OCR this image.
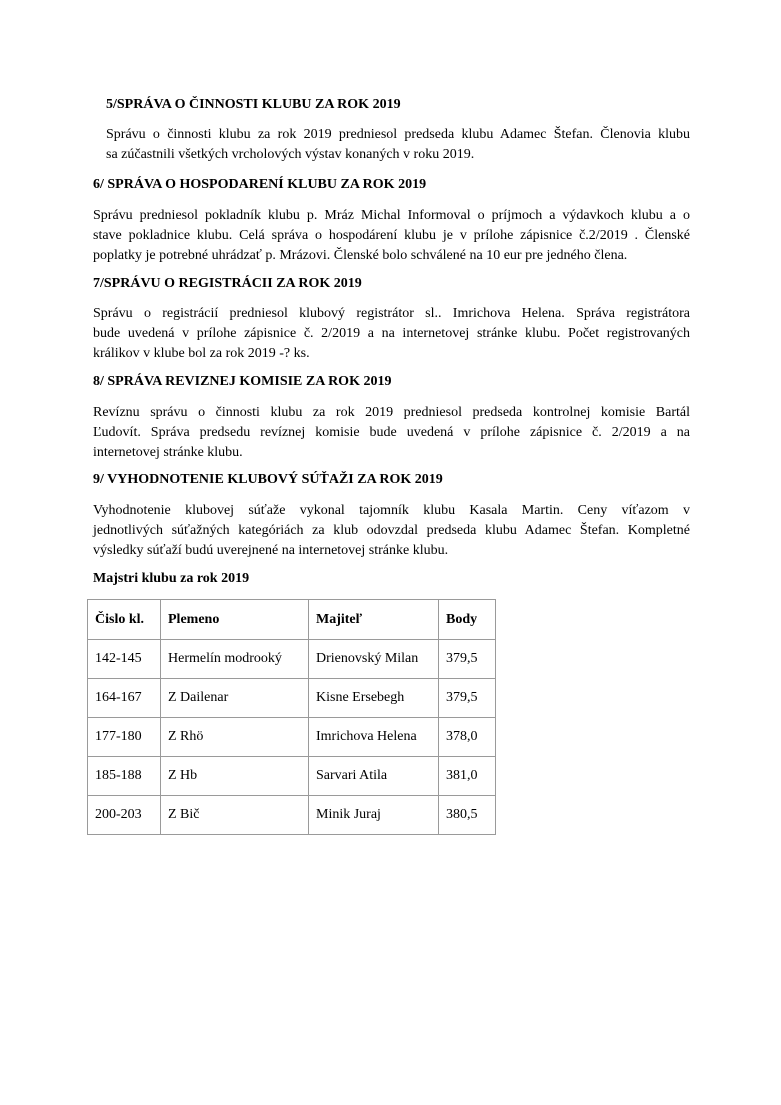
5/SPRÁVA O ČINNOSTI KLUBU ZA ROK 2019
Správu o činnosti klubu za rok 2019 predniesol predseda klubu Adamec Štefan. Členovia klubu
sa zúčastnili všetkých vrcholových výstav konaných v roku 2019.
6/ SPRÁVA O HOSPODARENÍ KLUBU ZA ROK 2019
Správu predniesol pokladník klubu p. Mráz Michal Informoval o príjmoch a výdavkoch klubu a o
stave pokladnice klubu. Celá správa o hospodárení klubu je v prílohe zápisnice č.2/2019 . Členské
poplatky je potrebné uhrádzať p. Mrázovi. Členské bolo schválené na 10 eur pre jedného člena.
7/SPRÁVU O REGISTRÁCII ZA ROK 2019
Správu o registrácií predniesol klubový registrátor sl.. Imrichova Helena. Správa registrátora
bude uvedená v prílohe zápisnice č. 2/2019 a na internetovej stránke klubu. Počet registrovaných
králikov v klube bol za rok 2019 -? ks.
8/ SPRÁVA REVIZNEJ KOMISIE ZA ROK 2019
Revíznu správu o činnosti klubu za rok 2019 predniesol predseda kontrolnej komisie Bartál
Ľudovít. Správa predsedu revíznej komisie bude uvedená v prílohe zápisnice č. 2/2019 a na
internetovej stránke klubu.
9/ VYHODNOTENIE KLUBOVÝ SÚŤAŽI ZA ROK 2019
Vyhodnotenie klubovej súťaže vykonal tajomník klubu Kasala Martin. Ceny víťazom v
jednotlivých súťažných kategóriách za klub odovzdal predseda klubu Adamec Štefan. Kompletné
výsledky súťaží budú uverejnené na internetovej stránke klubu.
Majstri klubu za rok 2019
Čislo kl.	Plemeno	Majiteľ	Body
142-145	Hermelín modrooký	Drienovský Milan	379,5
164-167	Z Dailenar	Kisne Ersebegh	379,5
177-180	Z Rhö	Imrichova Helena	378,0
185-188	Z Hb	Sarvari Atila	381,0
200-203	Z Bič	Minik Juraj	380,5
